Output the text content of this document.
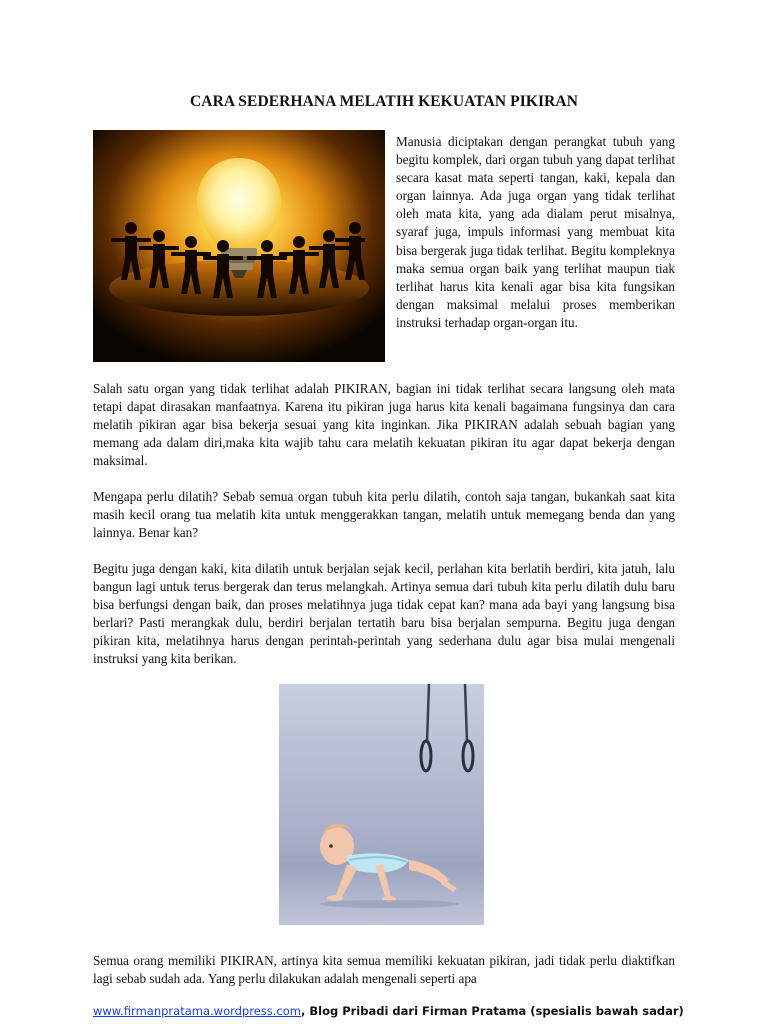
CARA SEDERHANA MELATIH KEKUATAN PIKIRAN
Manusia diciptakan dengan perangkat tubuh yang begitu komplek, dari organ tubuh yang dapat terlihat secara kasat mata seperti tangan, kaki, kepala dan organ lainnya. Ada juga organ yang tidak terlihat oleh mata kita, yang ada dialam perut misalnya, syaraf juga, impuls informasi yang membuat kita bisa bergerak juga tidak terlihat. Begitu kompleknya maka semua organ baik yang terlihat maupun tiak terlihat harus kita kenali agar bisa kita fungsikan dengan maksimal melalui proses memberikan instruksi terhadap organ-organ itu.

Salah satu organ yang tidak terlihat adalah PIKIRAN, bagian ini tidak terlihat secara langsung oleh mata tetapi dapat dirasakan manfaatnya. Karena itu pikiran juga harus kita kenali bagaimana fungsinya dan cara melatih pikiran agar bisa bekerja sesuai yang kita inginkan. Jika PIKIRAN adalah sebuah bagian yang memang ada dalam diri,maka kita wajib tahu cara melatih kekuatan pikiran itu agar dapat bekerja dengan maksimal.

Mengapa perlu dilatih? Sebab semua organ tubuh kita perlu dilatih, contoh saja tangan, bukankah saat kita masih kecil orang tua melatih kita untuk menggerakkan tangan, melatih untuk memegang benda dan yang lainnya. Benar kan?

Begitu juga dengan kaki, kita dilatih untuk berjalan sejak kecil, perlahan kita berlatih berdiri, kita jatuh, lalu bangun lagi untuk terus bergerak dan terus melangkah. Artinya semua dari tubuh kita perlu dilatih dulu baru bisa berfungsi dengan baik, dan proses melatihnya juga tidak cepat kan? mana ada bayi yang langsung bisa berlari? Pasti merangkak dulu, berdiri berjalan tertatih baru bisa berjalan sempurna. Begitu juga dengan pikiran kita, melatihnya harus dengan perintah-perintah yang sederhana dulu agar bisa mulai mengenali instruksi yang kita berikan.

Semua orang memiliki PIKIRAN, artinya kita semua memiliki kekuatan pikiran, jadi tidak perlu diaktifkan lagi sebab sudah ada. Yang perlu dilakukan adalah mengenali seperti apa

www.firmanpratama.wordpress.com, Blog Pribadi dari Firman Pratama (spesialis bawah sadar)
